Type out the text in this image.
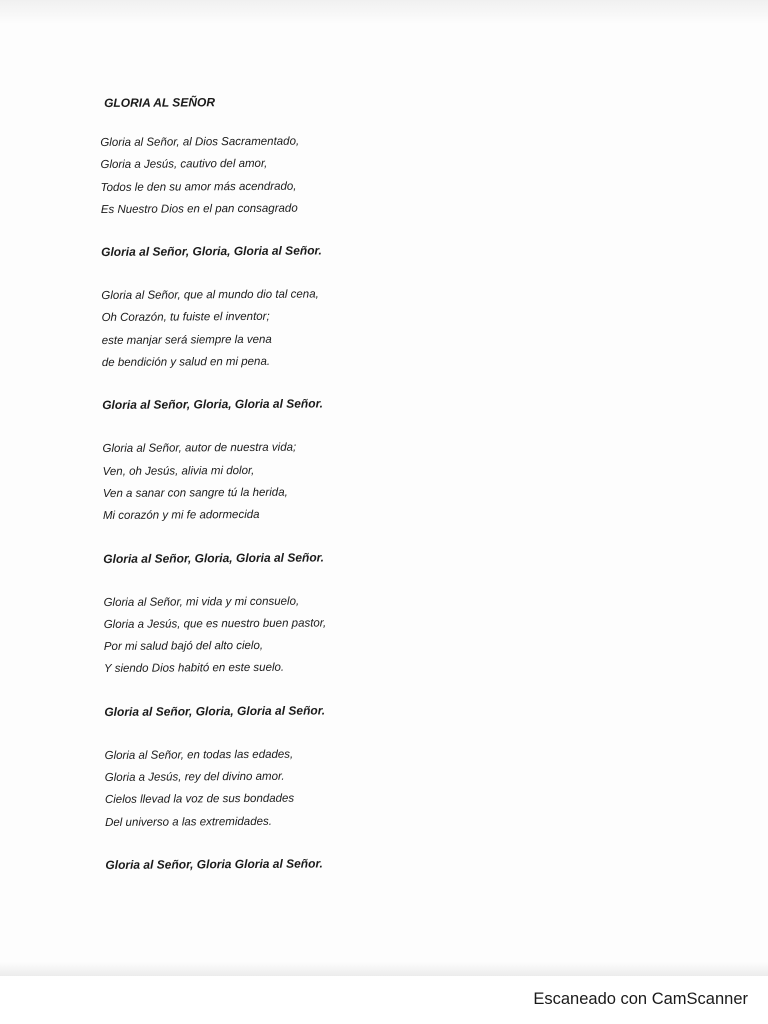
GLORIA AL SEÑOR
Gloria al Señor, al Dios Sacramentado,
Gloria a Jesús, cautivo del amor,
Todos le den su amor más acendrado,
Es Nuestro Dios en el pan consagrado
Gloria al Señor, Gloria, Gloria al Señor.
Gloria al Señor, que al mundo dio tal cena,
Oh Corazón, tu fuiste el inventor;
este manjar será siempre la vena
de bendición y salud en mi pena.
Gloria al Señor, Gloria, Gloria al Señor.
Gloria al Señor, autor de nuestra vida;
Ven, oh Jesús, alivia mi dolor,
Ven a sanar con sangre tú la herida,
Mi corazón y mi fe adormecida
Gloria al Señor, Gloria, Gloria al Señor.
Gloria al Señor, mi vida y mi consuelo,
Gloria a Jesús, que es nuestro buen pastor,
Por mi salud bajó del alto cielo,
Y siendo Dios habitó en este suelo.
Gloria al Señor, Gloria, Gloria al Señor.
Gloria al Señor, en todas las edades,
Gloria a Jesús, rey del divino amor.
Cielos llevad la voz de sus bondades
Del universo a las extremidades.
Gloria al Señor, Gloria Gloria al Señor.
Escaneado con CamScanner
